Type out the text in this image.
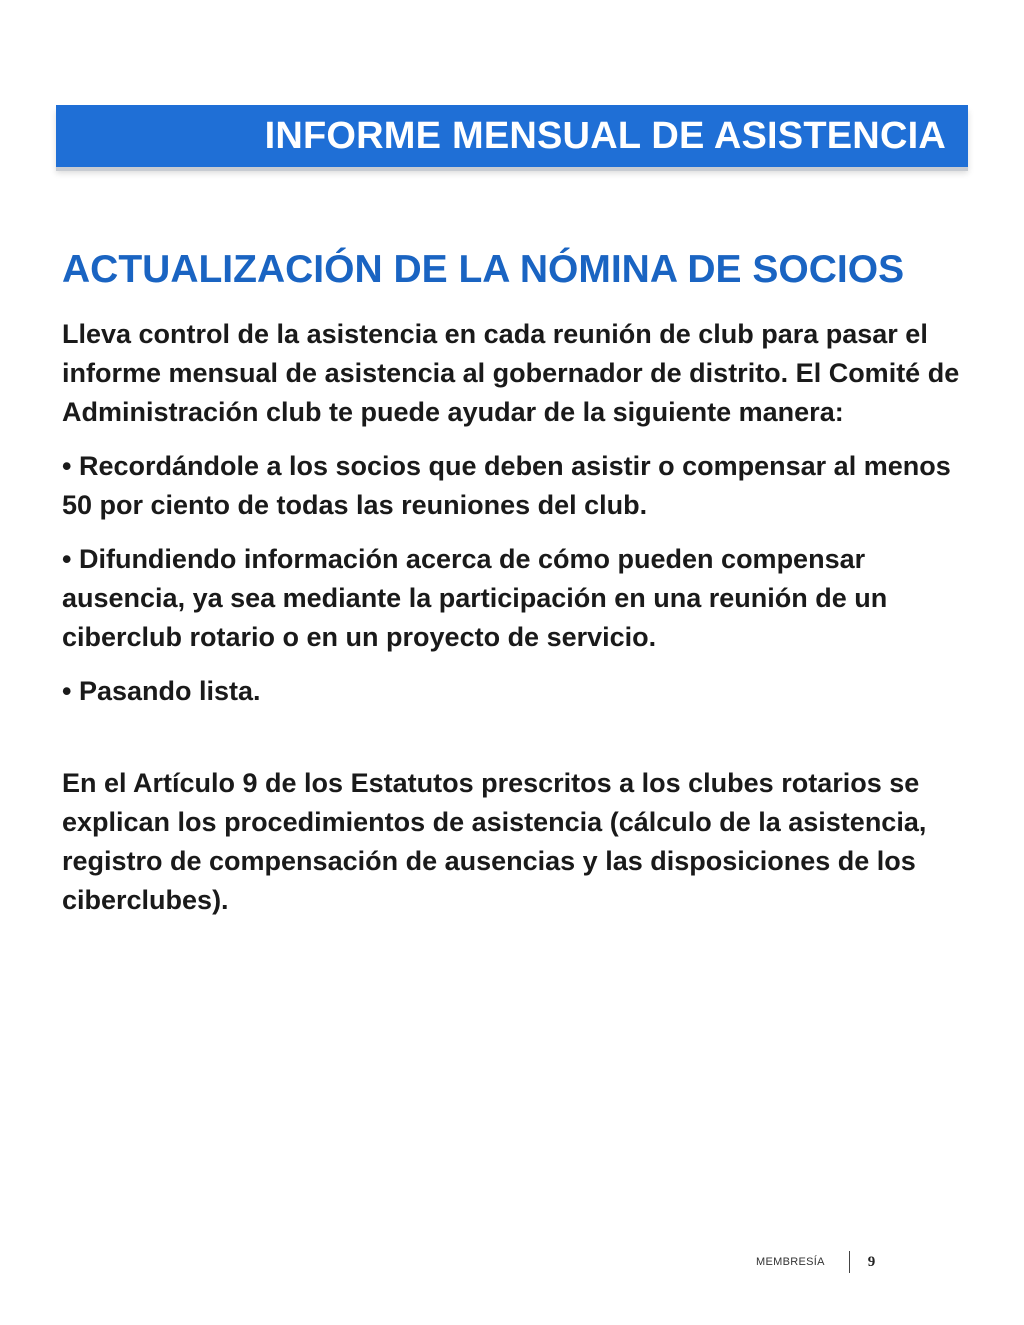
INFORME MENSUAL DE ASISTENCIA
ACTUALIZACIÓN DE LA NÓMINA DE SOCIOS

Lleva control de la asistencia en cada reunión de club para pasar el informe mensual de asistencia al gobernador de distrito. El Comité de Administración club te puede ayudar de la siguiente manera:

• Recordándole a los socios que deben asistir o compensar al menos 50 por ciento de todas las reuniones del club.

• Difundiendo información acerca de cómo pueden compensar ausencia, ya sea mediante la participación en una reunión de un ciberclub rotario o en un proyecto de servicio.

• Pasando lista.

En el Artículo 9 de los Estatutos prescritos a los clubes rotarios se explican los procedimientos de asistencia (cálculo de la asistencia, registro de compensación de ausencias y las disposiciones de los ciberclubes).

MEMBRESÍA	9
